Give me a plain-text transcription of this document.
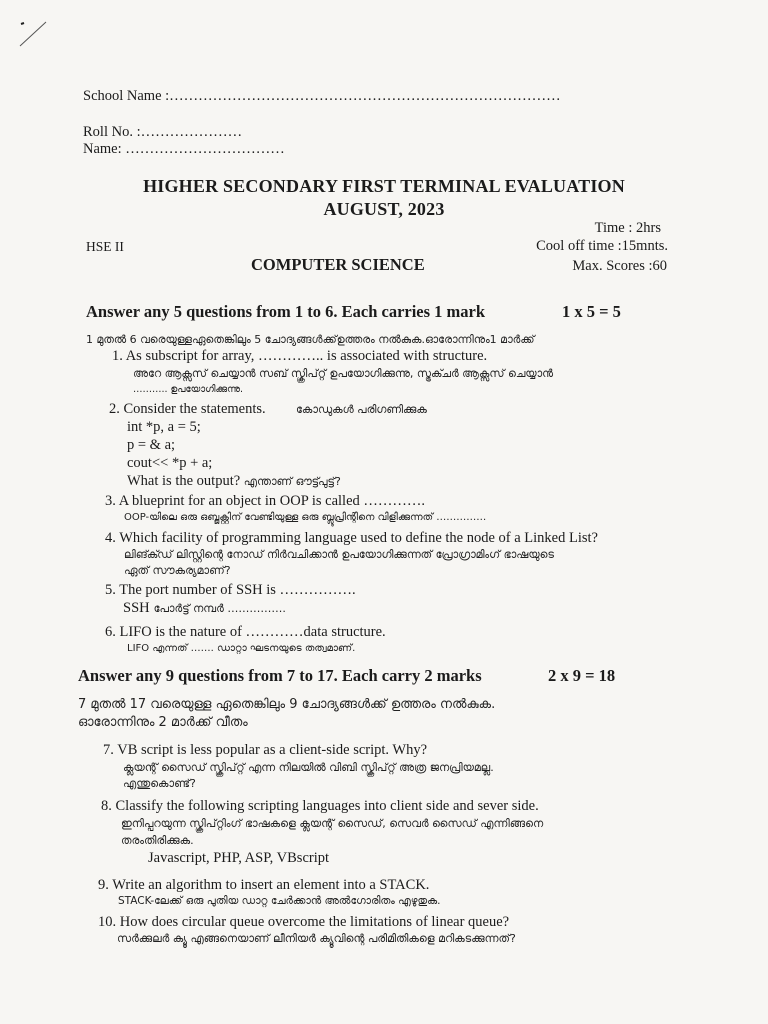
School Name :………………………………………………………………………
Roll No. :…………………
Name: ……………………………
HIGHER SECONDARY FIRST TERMINAL EVALUATION
AUGUST, 2023
Time : 2hrs
HSE II	Cool off time :15mnts.
COMPUTER SCIENCE	Max. Scores :60
Answer any 5 questions from 1 to 6. Each carries 1 mark	1 x 5 = 5
1 മുതൽ 6 വരെയുള്ളഏതെങ്കിലും 5 ചോദ്യങ്ങൾക്ക്ഉത്തരം നൽകുക.ഓരോന്നിനും1 മാർക്ക്
1. As subscript for array, ………….. is associated with structure.
അറേ ആക്സസ് ചെയ്യാൻ സബ് സ്ക്രിപ്റ്റ് ഉപയോഗിക്കുന്നു, സ്ട്രക്ചർ ആക്സസ് ചെയ്യാൻ
……….. ഉപയോഗിക്കുന്നു.
2. Consider the statements.	കോഡുകൾ പരിഗണിക്കുക
int *p, a = 5;
p = & a;
cout<< *p + a;
What is the output? എന്താണ് ഔട്ട്പുട്ട്?
3. A blueprint for an object in OOP is called ………….
OOP-യിലെ ഒരു ഒബ്ജക്റ്റിന് വേണ്ടിയുള്ള ഒരു ബ്ലൂപ്രിന്റിനെ വിളിക്കുന്നത് ……………
4. Which facility of programming language used to define the node of a Linked List?
ലിങ്ക്ഡ് ലിസ്റ്റിന്റെ നോഡ് നിർവചിക്കാൻ ഉപയോഗിക്കുന്നത് പ്രോഗ്രാമിംഗ് ഭാഷയുടെ
ഏത് സൗകര്യമാണ്?
5. The port number of SSH is …………….
SSH പോർട്ട് നമ്പർ …………….
6. LIFO is the nature of …………data structure.
LIFO എന്നത് ……. ഡാറ്റാ ഘടനയുടെ തത്വമാണ്.
Answer any 9 questions from 7 to 17. Each carry 2 marks	2 x 9 = 18
7 മുതൽ 17 വരെയുള്ള ഏതെങ്കിലും 9 ചോദ്യങ്ങൾക്ക് ഉത്തരം നൽകുക.
ഓരോന്നിനും 2 മാർക്ക് വീതം
7. VB script is less popular as a client-side script. Why?
ക്ലയന്റ് സൈഡ് സ്ക്രിപ്റ്റ് എന്ന നിലയിൽ വിബി സ്ക്രിപ്റ്റ് അത്ര ജനപ്രിയമല്ല.
എന്തുകൊണ്ട്?
8. Classify the following scripting languages into client side and sever side.
ഇനിപ്പറയുന്ന സ്ക്രിപ്റ്റിംഗ് ഭാഷകളെ ക്ലയന്റ് സൈഡ്, സെവർ സൈഡ് എന്നിങ്ങനെ
തരംതിരിക്കുക.
Javascript, PHP, ASP, VBscript
9. Write an algorithm to insert an element into a STACK.
STACK-ലേക്ക് ഒരു പുതിയ ഡാറ്റ ചേർക്കാൻ അൽഗോരിതം എഴുതുക.
10. How does circular queue overcome the limitations of linear queue?
സർക്കുലർ ക്യൂ എങ്ങനെയാണ് ലീനിയർ ക്യൂവിന്റെ പരിമിതികളെ മറികടക്കുന്നത്?
